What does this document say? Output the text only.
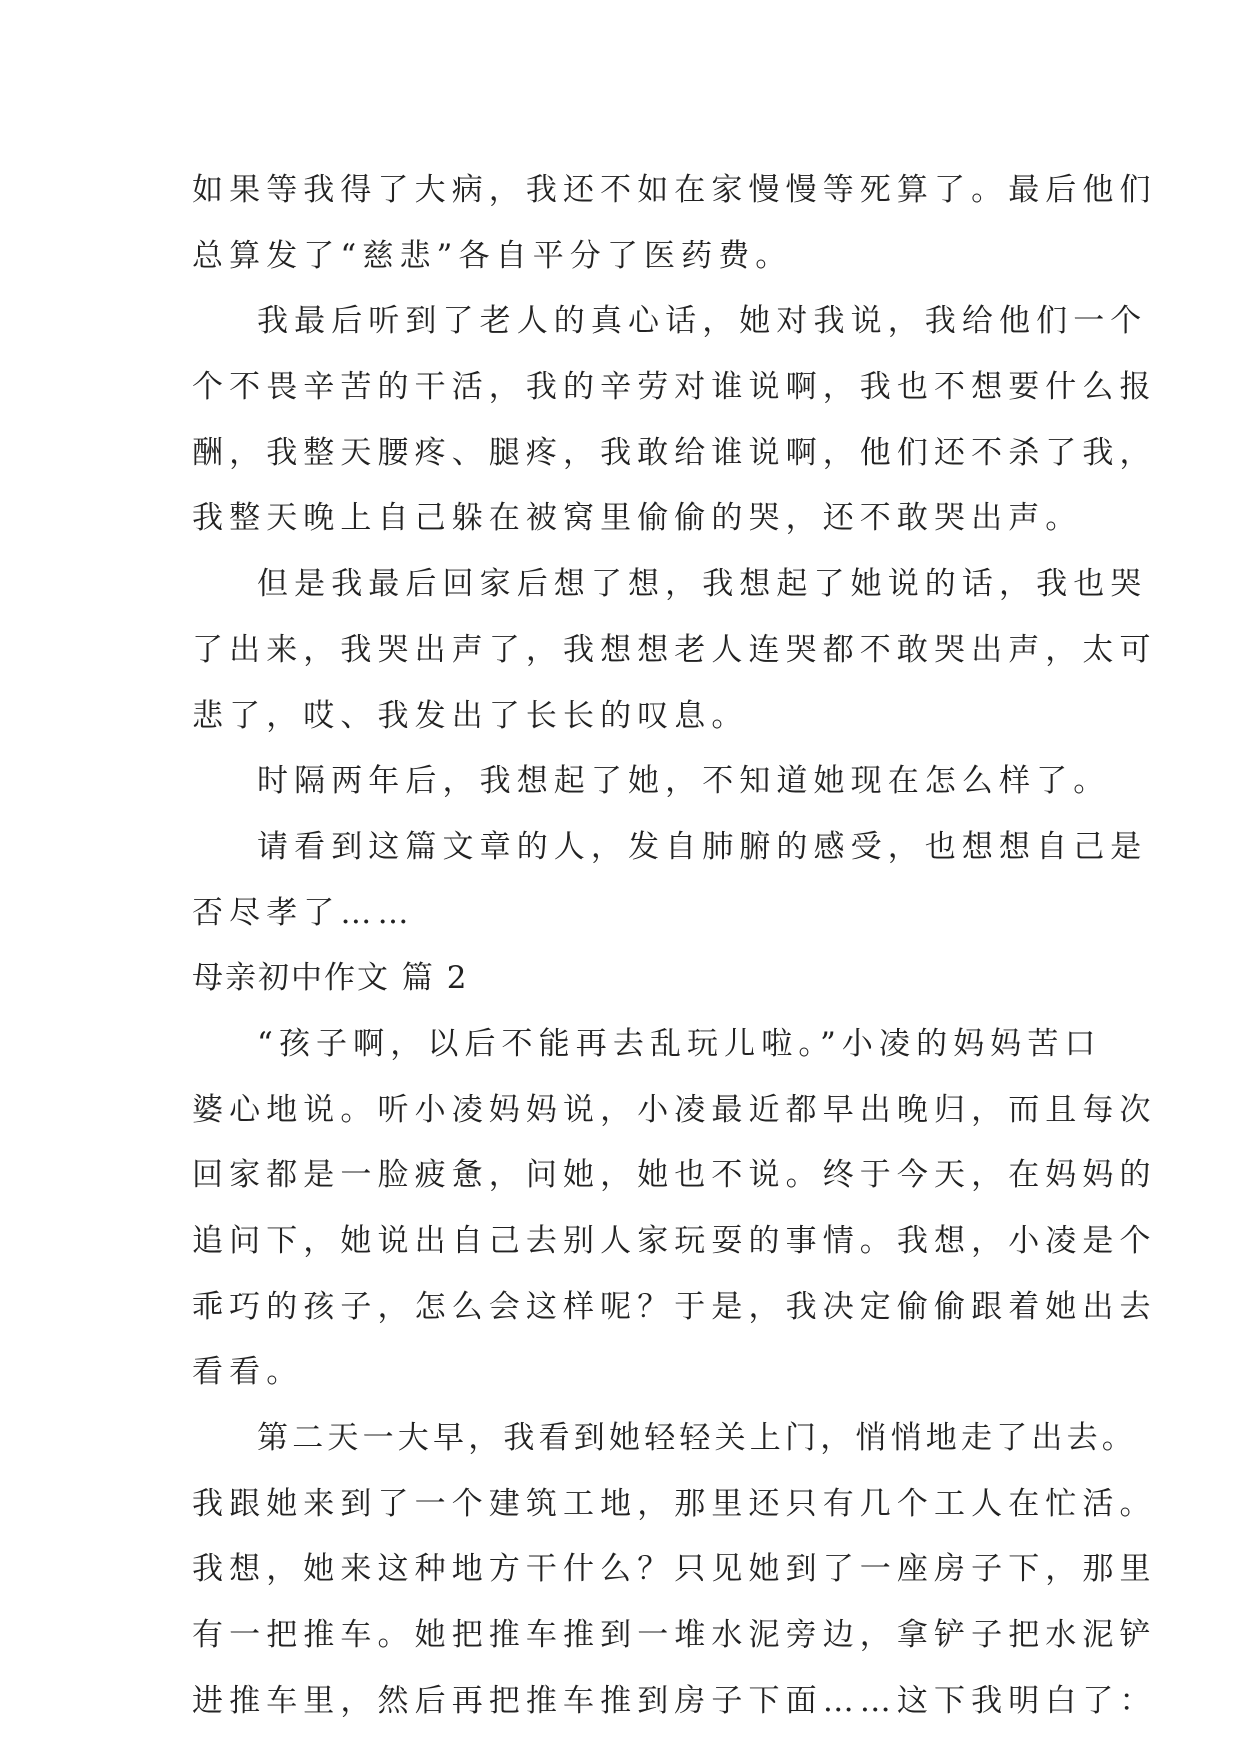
如果等我得了大病，我还不如在家慢慢等死算了。最后他们
总算发了“慈悲”各自平分了医药费。
我最后听到了老人的真心话，她对我说，我给他们一个
个不畏辛苦的干活，我的辛劳对谁说啊，我也不想要什么报
酬，我整天腰疼、腿疼，我敢给谁说啊，他们还不杀了我，
我整天晚上自己躲在被窝里偷偷的哭，还不敢哭出声。
但是我最后回家后想了想，我想起了她说的话，我也哭
了出来，我哭出声了，我想想老人连哭都不敢哭出声，太可
悲了，哎、我发出了长长的叹息。
时隔两年后，我想起了她，不知道她现在怎么样了。
请看到这篇文章的人，发自肺腑的感受，也想想自己是
否尽孝了……
母亲初中作文 篇 2
“孩子啊，以后不能再去乱玩儿啦。”小凌的妈妈苦口
婆心地说。听小凌妈妈说，小凌最近都早出晚归，而且每次
回家都是一脸疲惫，问她，她也不说。终于今天，在妈妈的
追问下，她说出自己去别人家玩耍的事情。我想，小凌是个
乖巧的孩子，怎么会这样呢？于是，我决定偷偷跟着她出去
看看。
第二天一大早，我看到她轻轻关上门，悄悄地走了出去。
我跟她来到了一个建筑工地，那里还只有几个工人在忙活。
我想，她来这种地方干什么？只见她到了一座房子下，那里
有一把推车。她把推车推到一堆水泥旁边，拿铲子把水泥铲
进推车里，然后再把推车推到房子下面……这下我明白了：
